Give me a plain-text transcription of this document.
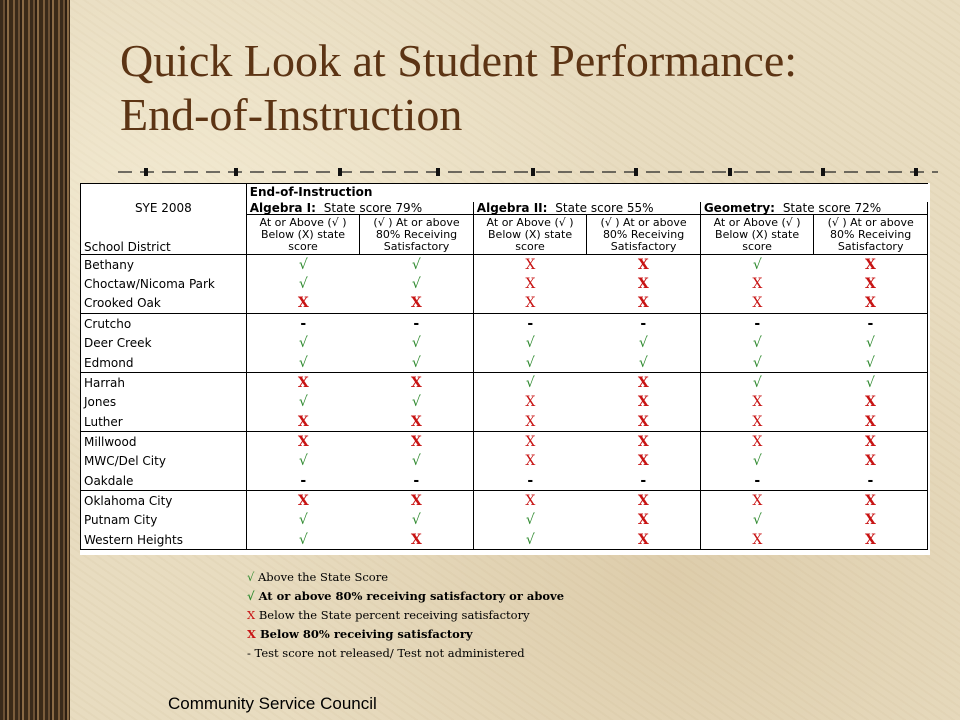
Quick Look at Student Performance:
End-of-Instruction
SYE 2008	End-of-Instruction					
	Algebra I: State score 79%		Algebra II: State score 55%		Geometry: State score 72%	
School District	At or Above (√ ) Below (X) state score	(√ ) At or above 80% Receiving Satisfactory	At or Above (√ ) Below (X) state score	(√ ) At or above 80% Receiving Satisfactory	At or Above (√ ) Below (X) state score	(√ ) At or above 80% Receiving Satisfactory
Bethany	√	√	X	X	√	X
Choctaw/Nicoma Park	√	√	X	X	X	X
Crooked Oak	X	X	X	X	X	X
Crutcho	-	-	-	-	-	-
Deer Creek	√	√	√	√	√	√
Edmond	√	√	√	√	√	√
Harrah	X	X	√	X	√	√
Jones	√	√	X	X	X	X
Luther	X	X	X	X	X	X
Millwood	X	X	X	X	X	X
MWC/Del City	√	√	X	X	√	X
Oakdale	-	-	-	-	-	-
Oklahoma City	X	X	X	X	X	X
Putnam City	√	√	√	X	√	X
Western Heights	√	X	√	X	X	X
√ Above the State Score
√ At or above 80% receiving satisfactory or above
X Below the State percent receiving satisfactory
X Below 80% receiving satisfactory
- Test score not released/ Test not administered
Community Service Council
